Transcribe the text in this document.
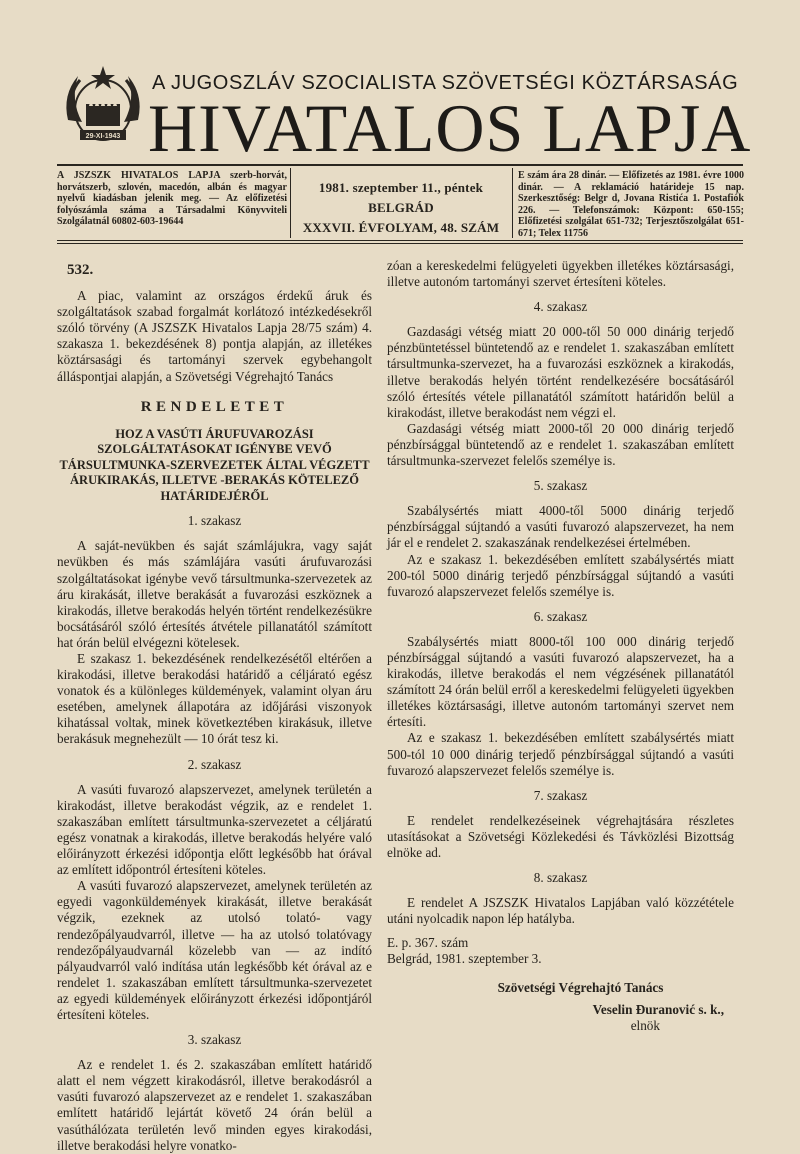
29-XI-1943
A JUGOSZLÁV SZOCIALISTA SZÖVETSÉGI KÖZTÁRSASÁG
HIVATALOS LAPJA
A JSZSZK HIVATALOS LAPJA szerb-horvát, horvátszerb, szlovén, macedón, albán és magyar nyelvű kiadásban jelenik meg. — Az előfizetési folyószámla száma a Társadalmi Könyvviteli Szolgálatnál 60802-603-19644
1981. szeptember 11., péntek
BELGRÁD
XXXVII. ÉVFOLYAM, 48. SZÁM
E szám ára 28 dinár. — Előfizetés az 1981. évre 1000 dinár. — A reklamáció határideje 15 nap. Szerkesztőség: Belgr d, Jovana Ristića 1. Postafiók 226. — Telefonszámok: Központ: 650-155; Előfizetési szolgálat 651-732; Terjesztőszolgálat 651-671; Telex 11756
532.

A piac, valamint az országos érdekű áruk és szolgáltatások szabad forgalmát korlátozó intézkedésekről szóló törvény (A JSZSZK Hivatalos Lapja 28/75 szám) 4. szakasza 1. bekezdésének 8) pontja alapján, az illetékes köztársasági és tartományi szervek egybehangolt álláspontjai alapján, a Szövetségi Végrehajtó Tanács

RENDELETET
HOZ A VASÚTI ÁRUFUVAROZÁSI SZOLGÁLTATÁSOKAT IGÉNYBE VEVŐ TÁRSULTMUNKA-SZERVEZETEK ÁLTAL VÉGZETT ÁRUKIRAKÁS, ILLETVE -BERAKÁS KÖTELEZŐ HATÁRIDEJÉRŐL
1. szakasz

A saját-nevükben és saját számlájukra, vagy saját nevükben és más számlájára vasúti árufuvarozási szolgáltatásokat igénybe vevő társultmunka-szervezetek az áru kirakását, illetve berakását a fuvarozási eszköznek a kirakodás, illetve berakodás helyén történt rendelkezésükre bocsátásáról szóló értesítés átvétele pillanatától számított hat órán belül elvégezni kötelesek.

E szakasz 1. bekezdésének rendelkezésétől eltérően a kirakodási, illetve berakodási határidő a céljárató egész vonatok és a különleges küldemények, valamint olyan áru esetében, amelynek állapotára az időjárási viszonyok kihatással voltak, minek következtében kirakásuk, illetve berakásuk megnehezült — 10 órát tesz ki.

2. szakasz

A vasúti fuvarozó alapszervezet, amelynek területén a kirakodást, illetve berakodást végzik, az e rendelet 1. szakaszában említett társultmunka-szervezetet a céljáratú egész vonatnak a kirakodás, illetve berakodás helyére való előirányzott érkezési időpontja előtt legkésőbb hat órával az említett időpontról értesíteni köteles.

A vasúti fuvarozó alapszervezet, amelynek területén az egyedi vagonküldemények kirakását, illetve berakását végzik, ezeknek az utolsó tolató- vagy rendezőpályaudvarról, illetve — ha az utolsó tolatóvagy rendezőpályaudvarnál közelebb van — az indító pályaudvarról való indítása után legkésőbb két órával az e rendelet 1. szakaszában említett társultmunka-szervezetet az egyedi küldemények előirányzott érkezési időpontjáról értesíteni köteles.

3. szakasz

Az e rendelet 1. és 2. szakaszában említett határidő alatt el nem végzett kirakodásról, illetve berakodásról a vasúti fuvarozó alapszervezet az e rendelet 1. szakaszában említett határidő lejártát követő 24 órán belül a vasúthálózata területén levő minden egyes kirakodási, illetve berakodási helyre vonatko-

zóan a kereskedelmi felügyeleti ügyekben illetékes köztársasági, illetve autonóm tartományi szervet értesíteni köteles.

4. szakasz

Gazdasági vétség miatt 20 000-től 50 000 dinárig terjedő pénzbüntetéssel büntetendő az e rendelet 1. szakaszában említett társultmunka-szervezet, ha a fuvarozási eszköznek a kirakodás, illetve berakodás helyén történt rendelkezésére bocsátásáról szóló értesítés vétele pillanatától számított határidőn belül a kirakodást, illetve berakodást nem végzi el.

Gazdasági vétség miatt 2000-től 20 000 dinárig terjedő pénzbírsággal büntetendő az e rendelet 1. szakaszában említett társultmunka-szervezet felelős személye is.

5. szakasz

Szabálysértés miatt 4000-től 5000 dinárig terjedő pénzbírsággal sújtandó a vasúti fuvarozó alapszervezet, ha nem jár el e rendelet 2. szakaszának rendelkezései értelmében.

Az e szakasz 1. bekezdésében említett szabálysértés miatt 200-tól 5000 dinárig terjedő pénzbírsággal sújtandó a vasúti fuvarozó alapszervezet felelős személye is.

6. szakasz

Szabálysértés miatt 8000-től 100 000 dinárig terjedő pénzbírsággal sújtandó a vasúti fuvarozó alapszervezet, ha a kirakodás, illetve berakodás el nem végzésének pillanatától számított 24 órán belül erről a kereskedelmi felügyeleti ügyekben illetékes köztársasági, illetve autonóm tartományi szervet nem értesíti.

Az e szakasz 1. bekezdésében említett szabálysértés miatt 500-tól 10 000 dinárig terjedő pénzbírsággal sújtandó a vasúti fuvarozó alapszervezet felelős személye is.

7. szakasz

E rendelet rendelkezéseinek végrehajtására részletes utasításokat a Szövetségi Közlekedési és Távközlési Bizottság elnöke ad.

8. szakasz

E rendelet A JSZSZK Hivatalos Lapjában való közzététele utáni nyolcadik napon lép hatályba.

E. p. 367. szám

Belgrád, 1981. szeptember 3.

Szövetségi Végrehajtó Tanács
Veselin Đuranović s. k.,
elnök
